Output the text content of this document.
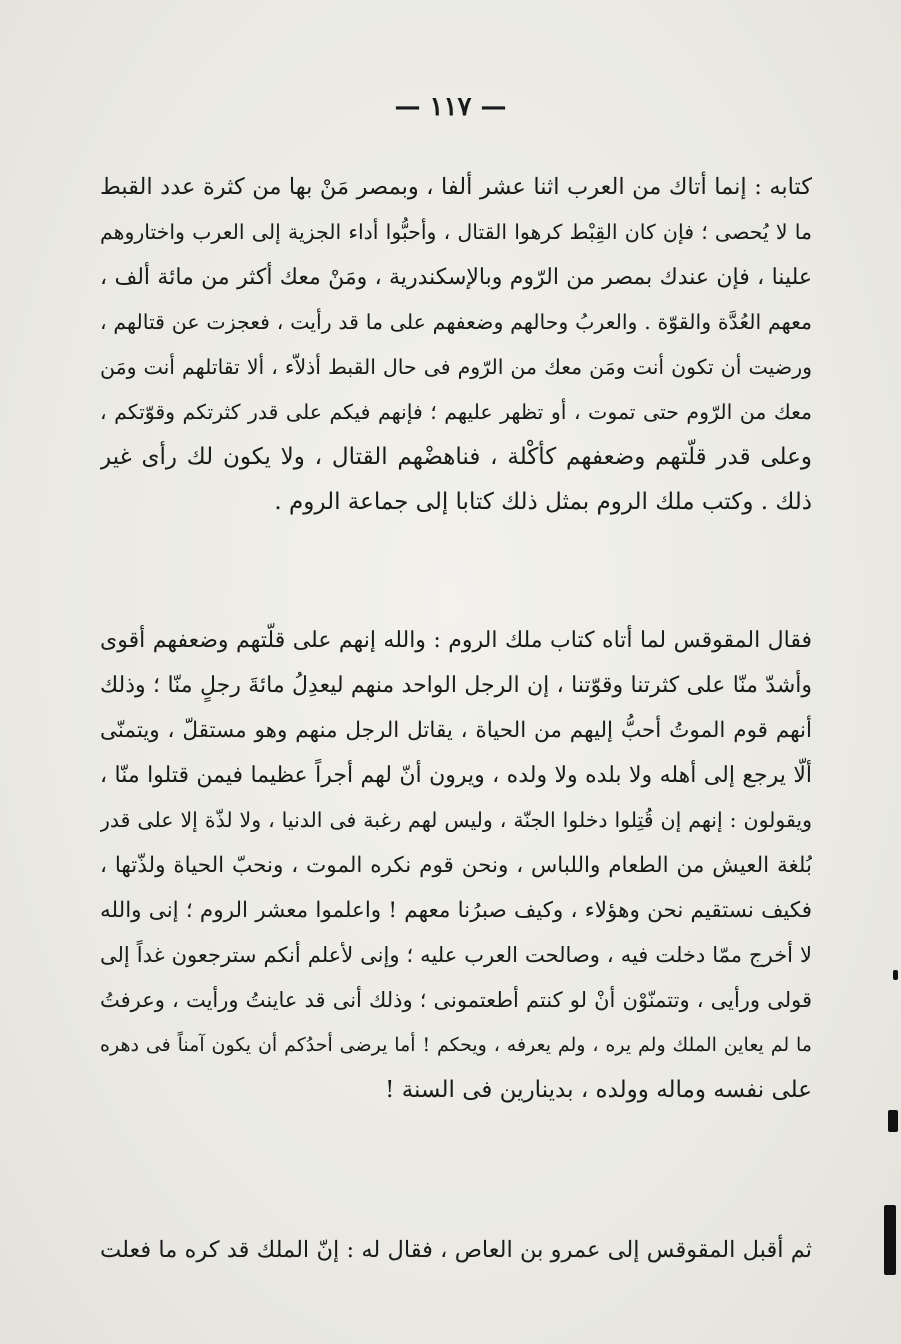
— ١١٧ —
كتابه : إنما أتاك من العرب اثنا عشر ألفا ، وبمصر مَنْ بها من كثرة عدد القبط
ما لا يُحصى ؛ فإن كان القِبْط كرهوا القتال ، وأحبُّوا أداء الجزية إلى العرب واختاروهم
علينا ، فإن عندك بمصر من الرّوم وبالإسكندرية ، ومَنْ معك أكثر من مائة ألف ،
معهم العُدَّة والقوّة . والعربُ وحالهم وضعفهم على ما قد رأيت ، فعجزت عن قتالهم ،
ورضيت أن تكون أنت ومَن معك من الرّوم فى حال القبط أذلاّء ، ألا تقاتلهم أنت ومَن
معك من الرّوم حتى تموت ، أو تظهر عليهم ؛ فإنهم فيكم على قدر كثرتكم وقوّتكم ،
وعلى قدر قلّتهم وضعفهم كأكْلة ، فناهضْهم القتال ، ولا يكون لك رأى غير
ذلك . وكتب ملك الروم بمثل ذلك كتابا إلى جماعة الروم .
فقال المقوقس لما أتاه كتاب ملك الروم : والله إنهم على قلّتهم وضعفهم أقوى
وأشدّ منّا على كثرتنا وقوّتنا ، إن الرجل الواحد منهم ليعدِلُ مائةَ رجلٍ منّا ؛ وذلك
أنهم قوم الموتُ أحبُّ إليهم من الحياة ، يقاتل الرجل منهم وهو مستقلّ ، ويتمنّى
ألّا يرجع إلى أهله ولا بلده ولا ولده ، ويرون أنّ لهم أجراً عظيما فيمن قتلوا منّا ،
ويقولون : إنهم إن قُتِلوا دخلوا الجنّة ، وليس لهم رغبة فى الدنيا ، ولا لذّة إلا على قدر
بُلغة العيش من الطعام واللباس ، ونحن قوم نكره الموت ، ونحبّ الحياة ولذّتها ،
فكيف نستقيم نحن وهؤلاء ، وكيف صبرُنا معهم ! واعلموا معشر الروم ؛ إنى والله
لا أخرج ممّا دخلت فيه ، وصالحت العرب عليه ؛ وإنى لأعلم أنكم سترجعون غداً إلى
قولى ورأيى ، وتتمنّوْن أنْ لو كنتم أطعتمونى ؛ وذلك أنى قد عاينتُ ورأيت ، وعرفتُ
ما لم يعاين الملك ولم يره ، ولم يعرفه ، ويحكم ! أما يرضى أحدُكم أن يكون آمناً فى دهره
على نفسه وماله وولده ، بدينارين فى السنة !
ثم أقبل المقوقس إلى عمرو بن العاص ، فقال له : إنّ الملك قد كره ما فعلت
